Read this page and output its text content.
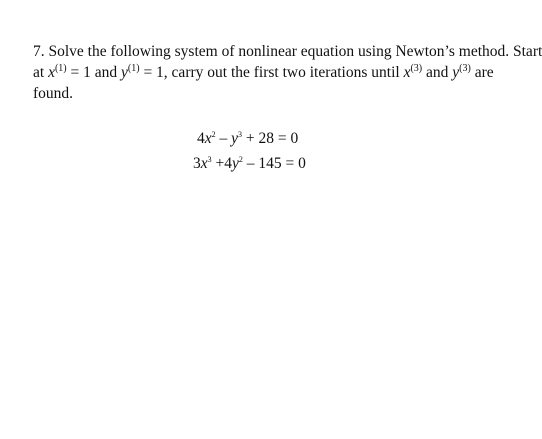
7. Solve the following system of nonlinear equation using Newton’s method. Start
at $x^{(1)} = 1$ and $y^{(1)} = 1$, carry out the first two iterations until $x^{(3)}$ and $y^{(3)}$ are
found.

$4x^2 - y^3 + 28 = 0$
$3x^3 +4y^2 - 145 = 0$
